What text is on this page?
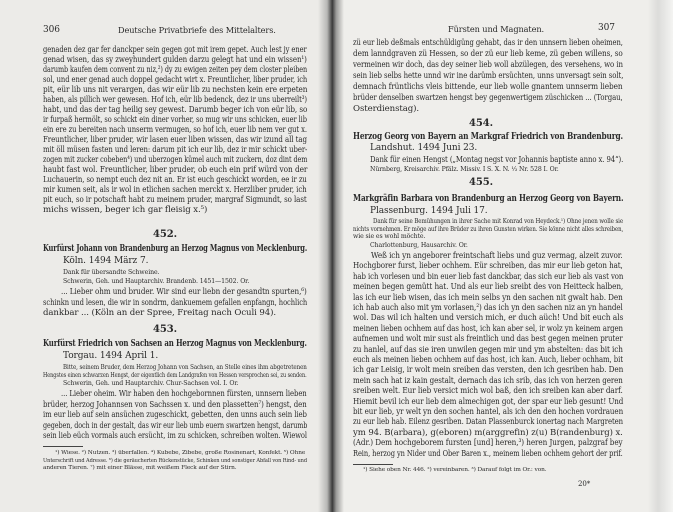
306	Deutsche Privatbriefe des Mittelalters.
genaden dez gar fer danckper sein gegen got mit irem gepet. Auch lest jy ener
genad wisen, das sy zweyhundert gulden darzu gelegt hat und ein wissen¹)
darumb kaufen dem convent zu niz,²) dy zu ewigen zeiten pey dem closter pleiben
sol, und ener genad auch doppel gedacht wirt x. Freuntlicher, liber pruder, ich
pit, eür lib uns nit verargen, das wir eür lib zu nechsten kein ere erpeten
haben, als pillich wer gewesen. Hof ich, eür lib bedenck, dez ir uns uberreilt³)
habt, und das der tag heilig sey gewest. Darumb beger ich von eür lib, so
ir furpaß hermölt, so schickt ein diner vorher, so mug wir uns schicken, euer lib
ein ere zu bereiten nach unserm vermugen, so hof ich, euer lib nem ver gut x.
Freuntlicher, liber pruder, wir lasen euer liben wissen, das wir izund all tag
mit öll müsen fasten und leren: darum pit ich eur lib, dez ir mir schickt uber-
zogen mit zucker cobeben⁴) und uberzogen kümel auch mit zuckern, doz dint dem
haubt fast wol. Freuntlicher, liber pruder, ob euch ein prif würd von der
Luchauerin, so nempt euch dez nit an. Er ist euch geschickt worden, ee ir zu
mir kumen seit, als ir wol in etlichen sachen merckt x. Herzliber pruder, ich
pit euch, so ir potschaft habt zu meinem pruder, margraf Sigmundt, so last
michs wissen, beger ich gar fleisig x.⁵)
452.
Kurfürst Johann von Brandenburg an Herzog Magnus von Mecklenburg.
Köln. 1494 März 7.
Dank für übersandte Schweine.
Schwerin, Geh. und Hauptarchiv. Brandenb. 1451—1502. Or.
... Lieber ohm und bruder. Wir sind eur liebn der gesandtn spurten,⁶)
schinkn und lesen, die wir in sondrm, dankuemem gefallen enpfangn, hochlich
dankbar ... (Köln an der Spree, Freitag nach Oculi 94).
453.
Kurfürst Friedrich von Sachsen an Herzog Magnus von Mecklenburg.
Torgau. 1494 April 1.
Bitte, seinem Bruder, dem Herzog Johann von Sachsen, an Stelle eines ihm abgetretenen
Hengstes einen schwarzen Hengst, der eigentlich dem Landgrafen von Hessen versprochen sei, zu senden.
Schwerin, Geh. und Hauptarchiv. Chur-Sachsen vol. I. Or.
... Lieber oheim. Wir haben den hochgebornnen fürsten, unnsern lieben
brüder, herzog Johannsen von Sachssen x. und den plassetten⁷) hengst, den
im eur lieb auf sein ansüchen zugeschickt, gebetten, den unns auch sein lieb
gegeben, doch in der gestalt, das wir eur lieb umb euern swartzen hengst, darumb
sein lieb eüch vormals auch ersücht, im zu schicken, schreiben wolten. Wiewol
¹) Wiese. ²) Nutzen. ³) überfallen. ⁴) Kubebe, Zibebe, große Rosinenart, Konfekt. ⁵) Ohne
Unterschrift und Adresse. ⁶) die geräucherten Rückenstücke, Schinken und sonstiger Abfall von Rind- und
anderen Tieren. ⁷) mit einer Blässe, mit weißem Fleck auf der Stirn.
Fürsten und Magnaten.	307
zü eur lieb deßmals entschüldigüng gehabt, das ir den unnsern lieben oheimen,
dem lanndgraven zü Hessen, so der zü eur lieb keme, zü geben willens, so
vermeinen wir doch, das dey seiner lieb woll abzülegen, des versehens, wo in
sein lieb selbs hette unnd wir ine darümb ersüchten, unns unversagt sein solt,
demnach früntlichs vleis bittende, eur lieb wolle gnantem unnserm lieben
brüder denselben swartzen hengst bey gegenwertigem züschicken ... (Torgau,
Osterdienstag).
454.
Herzog Georg von Bayern an Markgraf Friedrich von Brandenburg.
Landshut. 1494 Juni 23.
Dank für einen Hengst („Montag negst vor Johannis baptiste anno x. 94“).
Nürnberg, Kreisarchiv. Pfälz. Missiv. I S. X. N. ¹⁄₃ Nr. 528 I. Or.
455.
Markgräfin Barbara von Brandenburg an Herzog Georg von Bayern.
Plassenburg. 1494 Juli 17.
Dank für seine Bemühungen in ihrer Sache mit Konrad von Heydeck.¹) Ohne jenen wolle sie
nichts vornehmen. Er möge auf ihre Brüder zu ihren Gunsten wirken. Sie könne nicht alles schreiben,
wie sie es wohl möchte.
Charlottenburg, Hausarchiv. Or.
Weß ich yn angeborer freintschaft liebs und guz vermag, alzeit zuvor.
Hochgborer furst, lieber ochhem. Eür schreiben, das mir eur lieb geton hat,
hab ich vorlesen und bin euer lieb fast danckbar, das sich eur lieb als vast von
meinen begen gemütt hat. Und als eur lieb sreibt des von Heitteck halben,
las ich eur lieb wisen, das ich mein selbs yn den sachen nit gwalt hab. Den
ich hab auch also mit ym vorlasen,²) das ich yn den sachen niz an yn handel
wol. Das wil ich halten und versich mich, er duch aüch! Und bit euch als
meinen lieben ochhem auf das host, ich kan aber sel, ir wolz yn keinem argen
aufnemen und wolt mir sust als freintlich und das best gegen meinen pruter
zu hanlel, auf das sie iren unwilen gegen mir und ym abstelten: das bit ich
euch als meinen lieben ochhem auf das host, ich kan. Auch, lieber ochham, bit
ich gar Leisig, ir wolt mein sreiben das versten, den ich gesriben hab. Den
mein sach hat iz kain gestalt, dernach das ich srib, das ich von herzen geren
sreiben welt. Eur lieb versict mich wol baß, den ich sreiben kan aber darf.
Hiemit bevil ich eur lieb dem almechigen got, der spar eur lieb gesunt! Und
bit eur lieb, yr welt yn den sochen hantel, als ich den den hochen vordrauen
zu eur lieb hab. Eilenz gesriben. Datan Plassenburck ionertag nach Margreten
ym 94. B(arbara), g(eboren) m(arggrefin) z(u) B(randenburg) x.
(Adr.) Dem hochgeborem fursten [und] heren,³) heren Jurgen, palzgraf bey
Rein, herzog yn Nider und Ober Baren x., meinem lieben ochhem gehort der prif.
¹) Siehe oben Nr. 446. ²) vereinbaren. ³) Darauf folgt im Or.: von.
20*
